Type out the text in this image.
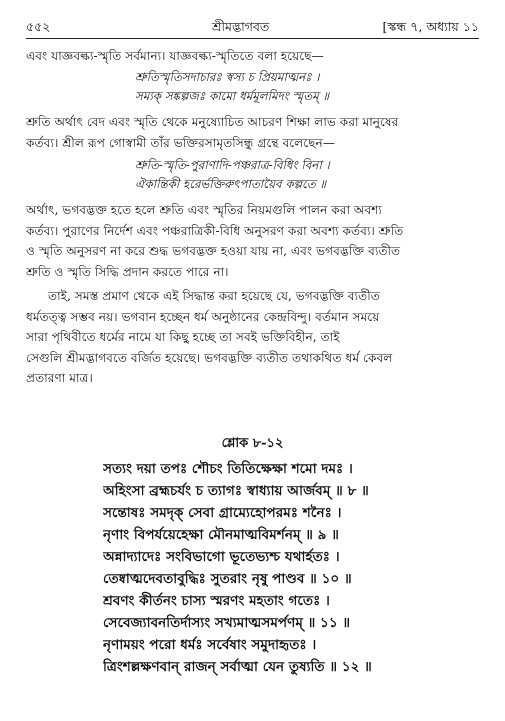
৫৫২	শ্রীমদ্ভাগবত	[স্কন্ধ ৭, অধ্যায় ১১
এবং যাজ্ঞবল্ক্য-স্মৃতি সর্বমান্য। যাজ্ঞবল্ক্য-স্মৃতিতে বলা হয়েছে—
শ্রুতিস্মৃতিসদাচারঃ স্বস্য চ প্রিয়মাত্মনঃ ।
সম্যক্‌ সঙ্কল্পজঃ কামো ধর্মমূলমিদং স্মৃতম্‌ ॥
শ্রুতি অর্থাৎ বেদ এবং স্মৃতি থেকে মনুষ্যোচিত আচরণ শিক্ষা লাভ করা মানুষের
কর্তব্য। শ্রীল রূপ গোস্বামী তাঁর ভক্তিরসামৃতসিন্ধু গ্রন্থে বলেছেন—
শ্রুতি-স্মৃতি-পুরাণাদি-পঞ্চরাত্র-বিধিং বিনা ।
ঐকান্তিকী হরের্ভক্তিরুৎপাতায়ৈব কল্পতে ॥
অর্থাৎ, ভগবদ্ভক্ত হতে হলে শ্রুতি এবং স্মৃতির নিয়মগুলি পালন করা অবশ্য
কর্তব্য। পুরাণের নির্দেশ এবং পঞ্চরাত্রিকী-বিধি অনুসরণ করা অবশ্য কর্তব্য। শ্রুতি
ও স্মৃতি অনুসরণ না করে শুদ্ধ ভগবদ্ভক্ত হওয়া যায় না, এবং ভগবদ্ভক্তি ব্যতীত
শ্রুতি ও স্মৃতি সিদ্ধি প্রদান করতে পারে না।
তাই, সমস্ত প্রমাণ থেকে এই সিদ্ধান্ত করা হয়েছে যে, ভগবদ্ভক্তি ব্যতীত
ধর্মতত্ত্ব সম্ভব নয়। ভগবান হচ্ছেন ধর্ম অনুষ্ঠানের কেন্দ্রবিন্দু। বর্তমান সময়ে
সারা পৃথিবীতে ধর্মের নামে যা কিছু হচ্ছে তা সবই ভক্তিবিহীন, তাই
সেগুলি শ্রীমদ্ভাগবতে বর্জিত হয়েছে। ভগবদ্ভক্তি ব্যতীত তথাকথিত ধর্ম কেবল
প্রতারণা মাত্র।
শ্লোক ৮-১২
সত্যং দয়া তপঃ শৌচং তিতিক্ষেক্ষা শমো দমঃ ।
অহিংসা ব্রহ্মচর্যং চ ত্যাগঃ স্বাধ্যায় আর্জবম্‌ ॥ ৮ ॥
সন্তোষঃ সমদৃক্‌ সেবা গ্রাম্যেহোপরমঃ শনৈঃ ।
নৃণাং বিপর্যয়েহেক্ষা মৌনমাত্মবিমর্শনম্‌ ॥ ৯ ॥
অন্নাদ্যাদেঃ সংবিভাগো ভূতেভ্যশ্চ যথার্হতঃ ।
তেষ্বাত্মদেবতাবুদ্ধিঃ সুতরাং নৃষু পাণ্ডব ॥ ১০ ॥
শ্রবণং কীর্তনং চাস্য স্মরণং মহতাং গতেঃ ।
সেবেজ্যাবনতির্দাস্যং সখ্যমাত্মসমর্পণম্‌ ॥ ১১ ॥
নৃণাময়ং পরো ধর্মঃ সর্বেষাং সমুদাহৃতঃ ।
ত্রিংশল্লক্ষণবান্‌ রাজন্‌ সর্বাত্মা যেন তুষ্যতি ॥ ১২ ॥
